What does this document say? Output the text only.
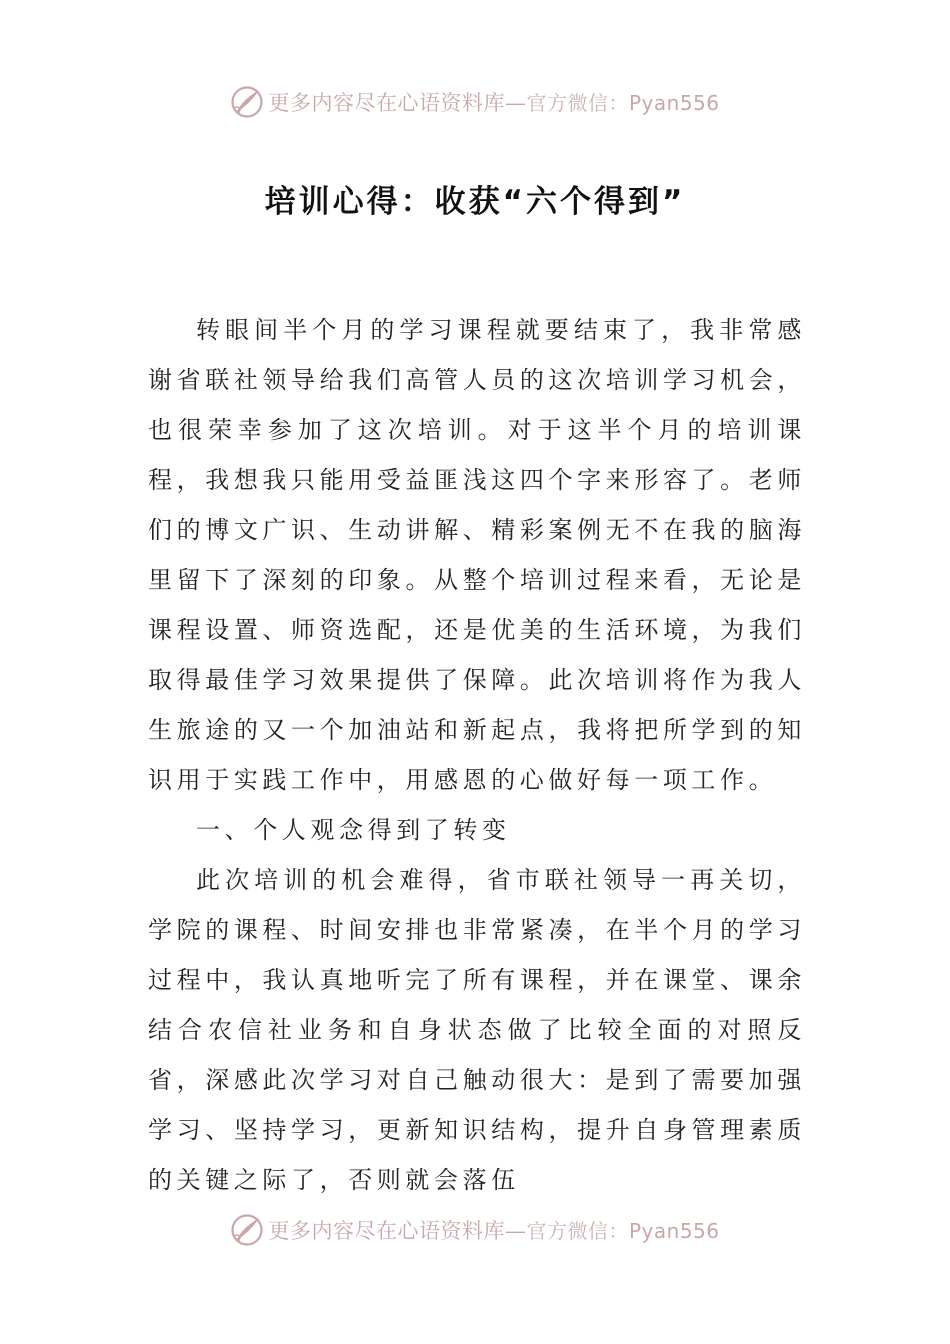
更多内容尽在心语资料库—官方微信：Pyan556
培训心得：收获“六个得到”

转眼间半个月的学习课程就要结束了，我非常感谢省联社领导给我们高管人员的这次培训学习机会，也很荣幸参加了这次培训。对于这半个月的培训课程，我想我只能用受益匪浅这四个字来形容了。老师们的博文广识、生动讲解、精彩案例无不在我的脑海里留下了深刻的印象。从整个培训过程来看，无论是课程设置、师资选配，还是优美的生活环境，为我们取得最佳学习效果提供了保障。此次培训将作为我人生旅途的又一个加油站和新起点，我将把所学到的知识用于实践工作中，用感恩的心做好每一项工作。

一、个人观念得到了转变

此次培训的机会难得，省市联社领导一再关切，学院的课程、时间安排也非常紧凑，在半个月的学习过程中，我认真地听完了所有课程，并在课堂、课余结合农信社业务和自身状态做了比较全面的对照反省，深感此次学习对自己触动很大：是到了需要加强学习、坚持学习，更新知识结构，提升自身管理素质的关键之际了，否则就会落伍

更多内容尽在心语资料库—官方微信：Pyan556
